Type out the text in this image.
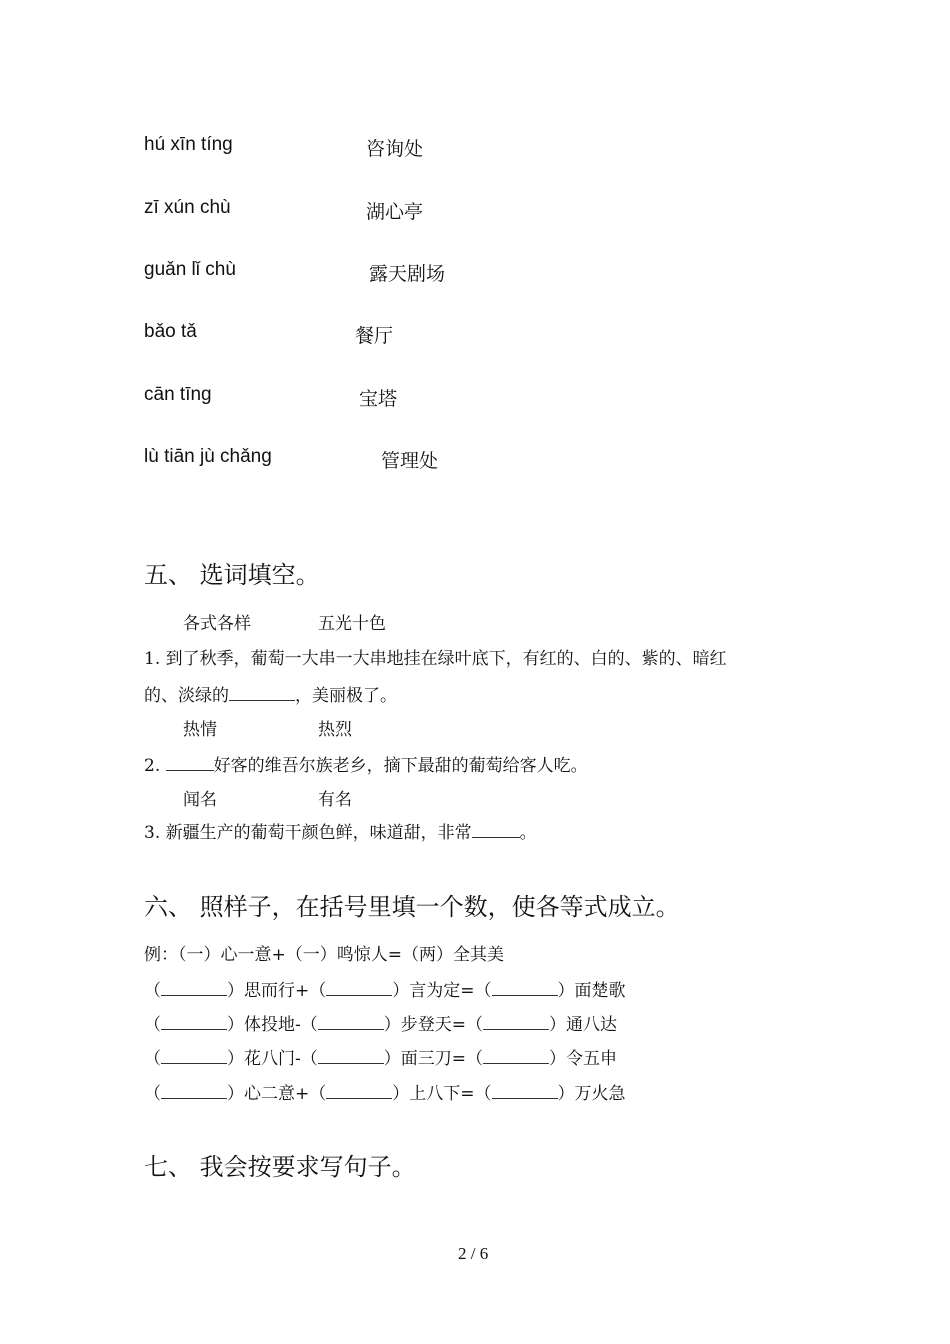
hú xīn tíng	咨询处
zī xún chù	湖心亭
guǎn lǐ chù	露天剧场
bǎo tǎ	餐厅
cān tīng	宝塔
lù tiān jù chǎng	管理处
五、 选词填空。
各式各样	五光十色
1. 到了秋季，葡萄一大串一大串地挂在绿叶底下，有红的、白的、紫的、暗红
的、淡绿的	，美丽极了。
热情	热烈
2.	好客的维吾尔族老乡，摘下最甜的葡萄给客人吃。
闻名	有名
3. 新疆生产的葡萄干颜色鲜，味道甜，非常	。
六、 照样子，在括号里填一个数，使各等式成立。
例：（一）心一意+（一）鸣惊人=（两）全其美
（	）思而行+（	）言为定=（	）面楚歌
（	）体投地-（	）步登天=（	）通八达
（	）花八门-（	）面三刀=（	）令五申
（	）心二意+（	）上八下=（	）万火急
七、 我会按要求写句子。
2 / 6
